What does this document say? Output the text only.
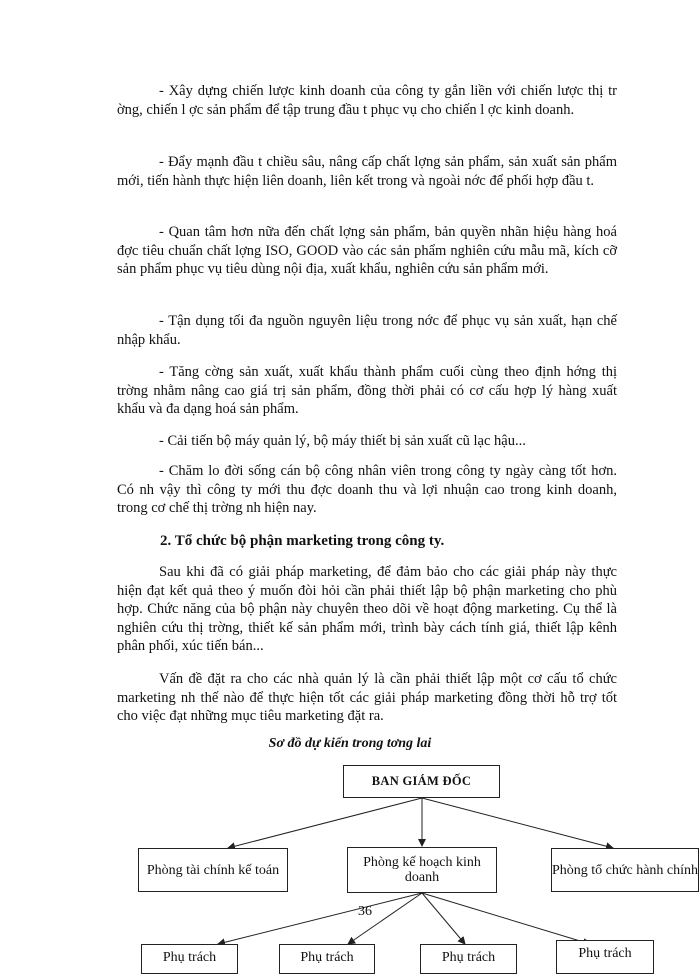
- Xây dựng chiến lược kinh doanh của công ty gắn liền với chiến lược thị tr ờng, chiến l ợc sản phẩm để tập trung đầu t phục vụ cho chiến l ợc kinh doanh.

- Đẩy mạnh đầu t chiều sâu, nâng cấp chất lợng sản phẩm, sản xuất sản phẩm mới, tiến hành thực hiện liên doanh, liên kết trong và ngoài nớc để phối hợp đầu t.

- Quan tâm hơn nữa đến chất lợng sản phẩm, bản quyền nhãn hiệu hàng hoá đợc tiêu chuẩn chất lợng ISO, GOOD vào các sản phẩm nghiên cứu mẫu mã, kích cỡ sản phẩm phục vụ tiêu dùng nội địa, xuất khẩu, nghiên cứu sản phẩm mới.

- Tận dụng tối đa nguồn nguyên liệu trong nớc để phục vụ sản xuất, hạn chế nhập khẩu.

- Tăng cờng sản xuất, xuất khẩu thành phẩm cuối cùng theo định hớng thị trờng nhằm nâng cao giá trị sản phẩm, đồng thời phải có cơ cấu hợp lý hàng xuất khẩu và đa dạng hoá sản phẩm.

- Cải tiến bộ máy quản lý, bộ máy thiết bị sản xuất cũ lạc hậu...

- Chăm lo đời sống cán bộ công nhân viên trong công ty ngày càng tốt hơn. Có nh vậy thì công ty mới thu đợc doanh thu và lợi nhuận cao trong kinh doanh, trong cơ chế thị trờng nh hiện nay.

2. Tổ chức bộ phận marketing trong công ty.

Sau khi đã có giải pháp marketing, để đảm bảo cho các giải pháp này thực hiện đạt kết quả theo ý muốn đòi hỏi cần phải thiết lập bộ phận marketing cho phù hợp. Chức năng của bộ phận này chuyên theo dõi về hoạt động marketing. Cụ thể là nghiên cứu thị trờng, thiết kế sản phẩm mới, trình bày cách tính giá, thiết lập kênh phân phối, xúc tiến bán...

Vấn đề đặt ra cho các nhà quản lý là cần phải thiết lập một cơ cấu tổ chức marketing nh thế nào để thực hiện tốt các giải pháp marketing đồng thời hỗ trợ tốt cho việc đạt những mục tiêu marketing đặt ra.

Sơ đồ dự kiến trong tơng lai
BAN GIÁM ĐỐC
Phòng tài chính kế toán	Phòng kế hoạch kinh doanh	Phòng tổ chức hành chính
Phụ trách	Phụ trách	Phụ trách	Phụ trách
36
